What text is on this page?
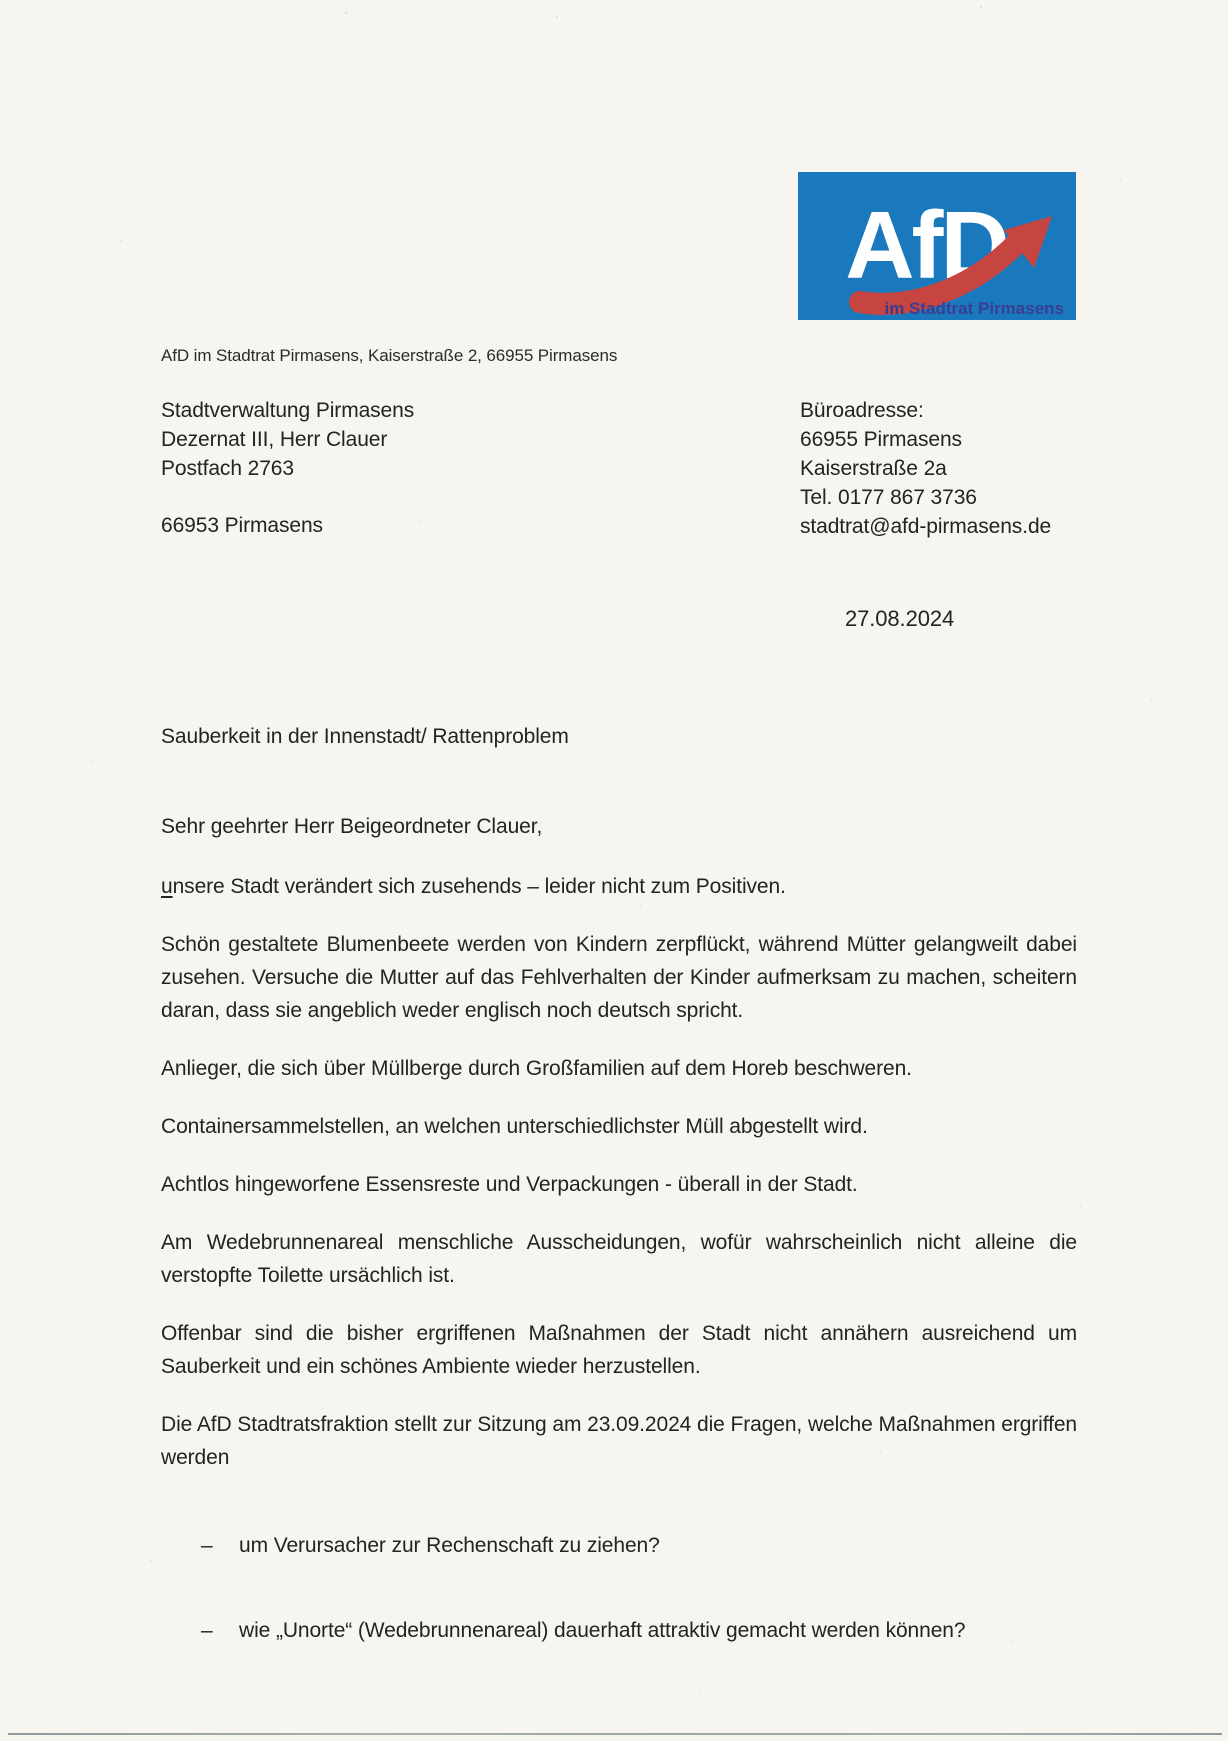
AfD
im Stadtrat Pirmasens
AfD im Stadtrat Pirmasens, Kaiserstraße 2, 66955 Pirmasens
Stadtverwaltung Pirmasens
Dezernat III, Herr Clauer
Postfach 2763
66953 Pirmasens
Büroadresse:
66955 Pirmasens
Kaiserstraße 2a
Tel. 0177 867 3736
stadtrat@afd-pirmasens.de
27.08.2024

Sauberkeit in der Innenstadt/ Rattenproblem

Sehr geehrter Herr Beigeordneter Clauer,

unsere Stadt verändert sich zusehends – leider nicht zum Positiven.

Schön gestaltete Blumenbeete werden von Kindern zerpflückt, während Mütter gelangweilt dabei zusehen. Versuche die Mutter auf das Fehlverhalten der Kinder aufmerksam zu machen, scheitern daran, dass sie angeblich weder englisch noch deutsch spricht.

Anlieger, die sich über Müllberge durch Großfamilien auf dem Horeb beschweren.

Containersammelstellen, an welchen unterschiedlichster Müll abgestellt wird.

Achtlos hingeworfene Essensreste und Verpackungen - überall in der Stadt.

Am Wedebrunnenareal menschliche Ausscheidungen, wofür wahrscheinlich nicht alleine die verstopfte Toilette ursächlich ist.

Offenbar sind die bisher ergriffenen Maßnahmen der Stadt nicht annähern ausreichend um Sauberkeit und ein schönes Ambiente wieder herzustellen.

Die AfD Stadtratsfraktion stellt zur Sitzung am 23.09.2024 die Fragen, welche Maßnahmen ergriffen werden

– um Verursacher zur Rechenschaft zu ziehen?
– wie „Unorte“ (Wedebrunnenareal) dauerhaft attraktiv gemacht werden können?
